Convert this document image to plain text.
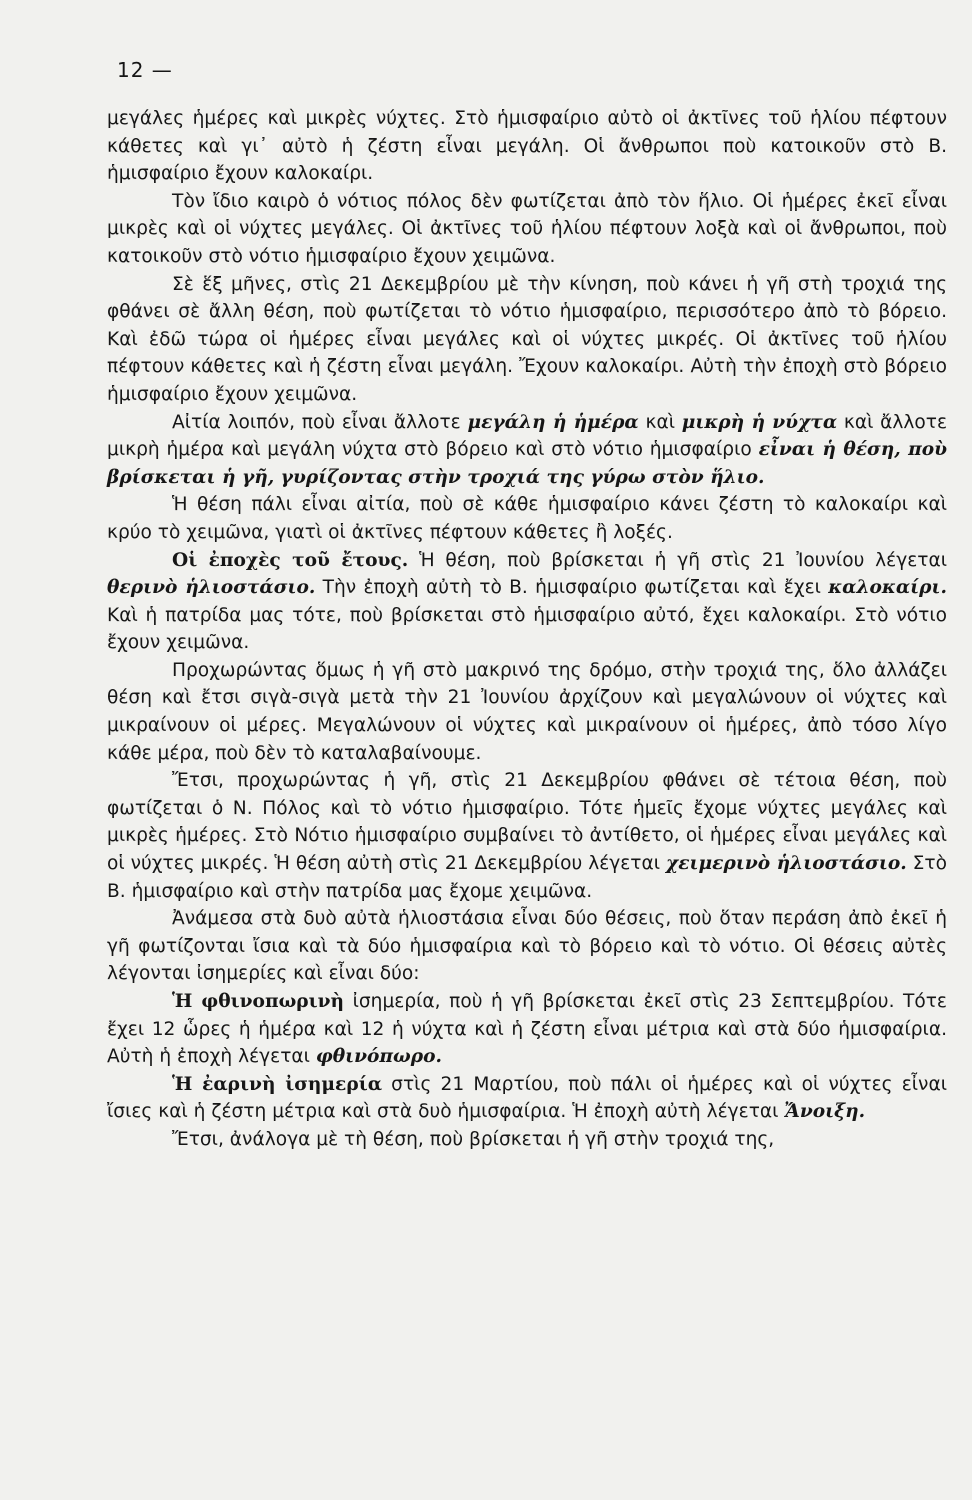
12 —

μεγάλες ἡμέρες καὶ μικρὲς νύχτες. Στὸ ἡμισφαίριο αὐτὸ οἱ ἀκτῖνες τοῦ ἡλίου πέφτουν κάθετες καὶ γι᾽ αὐτὸ ἡ ζέστη εἶναι μεγάλη. Οἱ ἄνθρωποι ποὺ κατοικοῦν στὸ Β. ἡμισφαίριο ἔχουν καλοκαίρι.

Τὸν ἴδιο καιρὸ ὁ νότιος πόλος δὲν φωτίζεται ἀπὸ τὸν ἥλιο. Οἱ ἡμέρες ἐκεῖ εἶναι μικρὲς καὶ οἱ νύχτες μεγάλες. Οἱ ἀκτῖνες τοῦ ἡλίου πέφτουν λοξὰ καὶ οἱ ἄνθρωποι, ποὺ κατοικοῦν στὸ νότιο ἡμισφαίριο ἔχουν χειμῶνα.

Σὲ ἕξ μῆνες, στὶς 21 Δεκεμβρίου μὲ τὴν κίνηση, ποὺ κάνει ἡ γῆ στὴ τροχιά της φθάνει σὲ ἄλλη θέση, ποὺ φωτίζεται τὸ νότιο ἡμισφαίριο, περισσότερο ἀπὸ τὸ βόρειο. Καὶ ἐδῶ τώρα οἱ ἡμέρες εἶναι μεγάλες καὶ οἱ νύχτες μικρές. Οἱ ἀκτῖνες τοῦ ἡλίου πέφτουν κάθετες καὶ ἡ ζέστη εἶναι μεγάλη. Ἔχουν καλοκαίρι. Αὐτὴ τὴν ἐποχὴ στὸ βόρειο ἡμισφαίριο ἔχουν χειμῶνα.

Αἰτία λοιπόν, ποὺ εἶναι ἄλλοτε μεγάλη ἡ ἡμέρα καὶ μικρὴ ἡ νύχτα καὶ ἄλλοτε μικρὴ ἡμέρα καὶ μεγάλη νύχτα στὸ βόρειο καὶ στὸ νότιο ἡμισφαίριο εἶναι ἡ θέση, ποὺ βρίσκεται ἡ γῆ, γυρίζοντας στὴν τροχιά της γύρω στὸν ἥλιο.

Ἡ θέση πάλι εἶναι αἰτία, ποὺ σὲ κάθε ἡμισφαίριο κάνει ζέστη τὸ καλοκαίρι καὶ κρύο τὸ χειμῶνα, γιατὶ οἱ ἀκτῖνες πέφτουν κάθετες ἢ λοξές.

Οἱ ἐποχὲς τοῦ ἔτους. Ἡ θέση, ποὺ βρίσκεται ἡ γῆ στὶς 21 Ἰουνίου λέγεται θερινὸ ἡλιοστάσιο. Τὴν ἐποχὴ αὐτὴ τὸ Β. ἡμισφαίριο φωτίζεται καὶ ἔχει καλοκαίρι. Καὶ ἡ πατρίδα μας τότε, ποὺ βρίσκεται στὸ ἡμισφαίριο αὐτό, ἔχει καλοκαίρι. Στὸ νότιο ἔχουν χειμῶνα.

Προχωρώντας ὅμως ἡ γῆ στὸ μακρινό της δρόμο, στὴν τροχιά της, ὅλο ἀλλάζει θέση καὶ ἔτσι σιγὰ-σιγὰ μετὰ τὴν 21 Ἰουνίου ἀρχίζουν καὶ μεγαλώνουν οἱ νύχτες καὶ μικραίνουν οἱ μέρες. Μεγαλώνουν οἱ νύχτες καὶ μικραίνουν οἱ ἡμέρες, ἀπὸ τόσο λίγο κάθε μέρα, ποὺ δὲν τὸ καταλαβαίνουμε.

Ἔτσι, προχωρώντας ἡ γῆ, στὶς 21 Δεκεμβρίου φθάνει σὲ τέτοια θέση, ποὺ φωτίζεται ὁ Ν. Πόλος καὶ τὸ νότιο ἡμισφαίριο. Τότε ἡμεῖς ἔχομε νύχτες μεγάλες καὶ μικρὲς ἡμέρες. Στὸ Νότιο ἡμισφαίριο συμβαίνει τὸ ἀντίθετο, οἱ ἡμέρες εἶναι μεγάλες καὶ οἱ νύχτες μικρές. Ἡ θέση αὐτὴ στὶς 21 Δεκεμβρίου λέγεται χειμερινὸ ἡλιοστάσιο. Στὸ Β. ἡμισφαίριο καὶ στὴν πατρίδα μας ἔχομε χειμῶνα.

Ἀνάμεσα στὰ δυὸ αὐτὰ ἡλιοστάσια εἶναι δύο θέσεις, ποὺ ὅταν περάση ἀπὸ ἐκεῖ ἡ γῆ φωτίζονται ἴσια καὶ τὰ δύο ἡμισφαίρια καὶ τὸ βόρειο καὶ τὸ νότιο. Οἱ θέσεις αὐτὲς λέγονται ἰσημερίες καὶ εἶναι δύο:

Ἡ φθινοπωρινὴ ἰσημερία, ποὺ ἡ γῆ βρίσκεται ἐκεῖ στὶς 23 Σεπτεμβρίου. Τότε ἔχει 12 ὧρες ἡ ἡμέρα καὶ 12 ἡ νύχτα καὶ ἡ ζέστη εἶναι μέτρια καὶ στὰ δύο ἡμισφαίρια. Αὐτὴ ἡ ἐποχὴ λέγεται φθινόπωρο.

Ἡ ἐαρινὴ ἰσημερία στὶς 21 Μαρτίου, ποὺ πάλι οἱ ἡμέρες καὶ οἱ νύχτες εἶναι ἴσιες καὶ ἡ ζέστη μέτρια καὶ στὰ δυὸ ἡμισφαίρια. Ἡ ἐποχὴ αὐτὴ λέγεται Ἄνοιξη.

Ἔτσι, ἀνάλογα μὲ τὴ θέση, ποὺ βρίσκεται ἡ γῆ στὴν τροχιά της,
